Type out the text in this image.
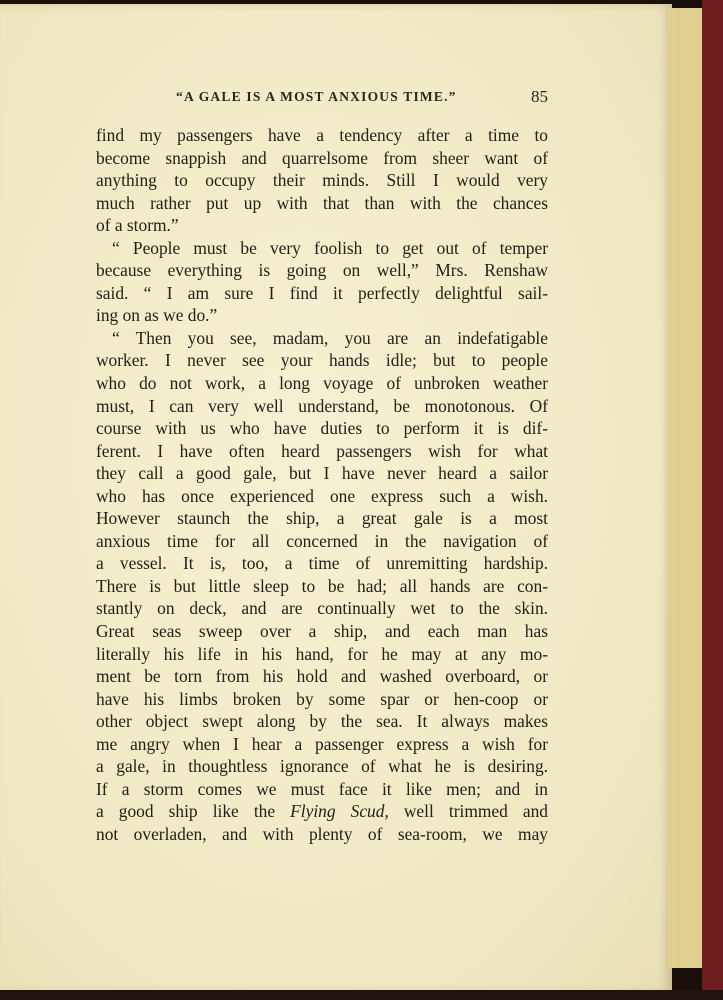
“A GALE IS A MOST ANXIOUS TIME.”	85
find my passengers have a tendency after a time to
become snappish and quarrelsome from sheer want of
anything to occupy their minds. Still I would very
much rather put up with that than with the chances
of a storm.”
“ People must be very foolish to get out of temper
because everything is going on well,” Mrs. Renshaw
said. “ I am sure I find it perfectly delightful sail-
ing on as we do.”
“ Then you see, madam, you are an indefatigable
worker. I never see your hands idle; but to people
who do not work, a long voyage of unbroken weather
must, I can very well understand, be monotonous. Of
course with us who have duties to perform it is dif-
ferent. I have often heard passengers wish for what
they call a good gale, but I have never heard a sailor
who has once experienced one express such a wish.
However staunch the ship, a great gale is a most
anxious time for all concerned in the navigation of
a vessel. It is, too, a time of unremitting hardship.
There is but little sleep to be had; all hands are con-
stantly on deck, and are continually wet to the skin.
Great seas sweep over a ship, and each man has
literally his life in his hand, for he may at any mo-
ment be torn from his hold and washed overboard, or
have his limbs broken by some spar or hen-coop or
other object swept along by the sea. It always makes
me angry when I hear a passenger express a wish for
a gale, in thoughtless ignorance of what he is desiring.
If a storm comes we must face it like men; and in
a good ship like the Flying Scud, well trimmed and
not overladen, and with plenty of sea-room, we may
